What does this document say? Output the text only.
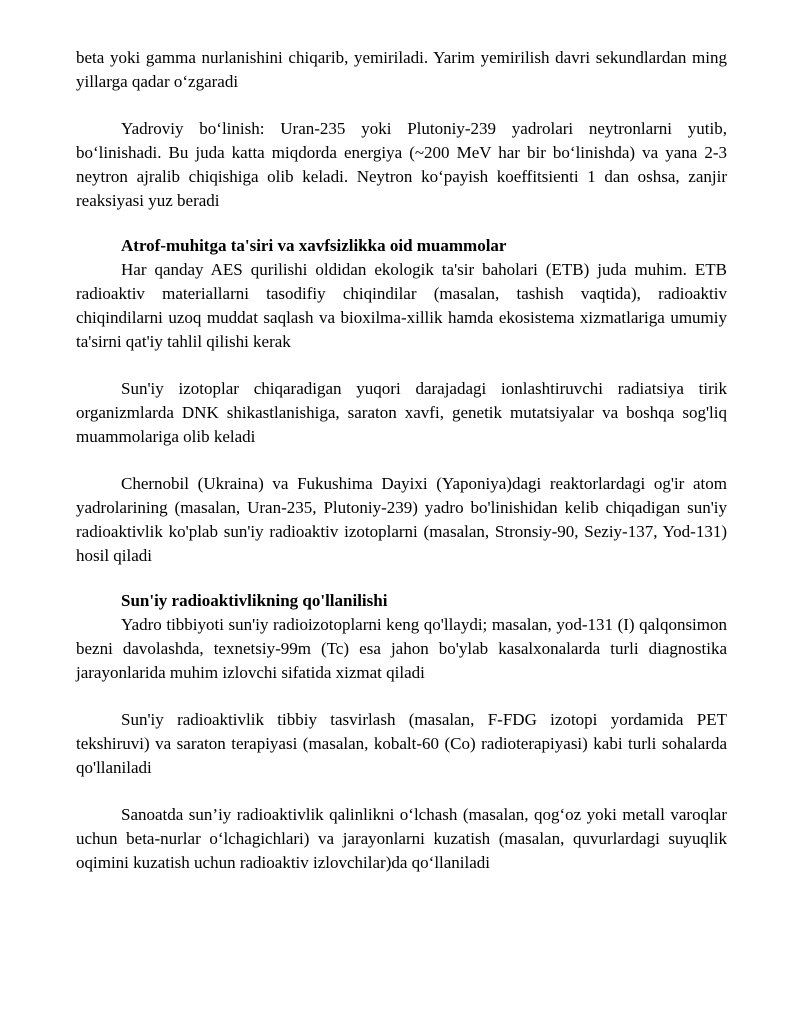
beta yoki gamma nurlanishini chiqarib, yemiriladi. Yarim yemirilish davri sekundlardan ming yillarga qadar o‘zgaradi

Yadroviy bo‘linish: Uran-235 yoki Plutoniy-239 yadrolari neytronlarni yutib, bo‘linishadi. Bu juda katta miqdorda energiya (~200 MeV har bir bo‘linishda) va yana 2-3 neytron ajralib chiqishiga olib keladi. Neytron ko‘payish koeffitsienti 1 dan oshsa, zanjir reaksiyasi yuz beradi

Atrof-muhitga ta'siri va xavfsizlikka oid muammolar

Har qanday AES qurilishi oldidan ekologik ta'sir baholari (ETB) juda muhim. ETB radioaktiv materiallarni tasodifiy chiqindilar (masalan, tashish vaqtida), radioaktiv chiqindilarni uzoq muddat saqlash va bioxilma-xillik hamda ekosistema xizmatlariga umumiy ta'sirni qat'iy tahlil qilishi kerak

Sun'iy izotoplar chiqaradigan yuqori darajadagi ionlashtiruvchi radiatsiya tirik organizmlarda DNK shikastlanishiga, saraton xavfi, genetik mutatsiyalar va boshqa sog'liq muammolariga olib keladi

Chernobil (Ukraina) va Fukushima Dayixi (Yaponiya)dagi reaktorlardagi og'ir atom yadrolarining (masalan, Uran-235, Plutoniy-239) yadro bo'linishidan kelib chiqadigan sun'iy radioaktivlik ko'plab sun'iy radioaktiv izotoplarni (masalan, Stronsiy-90, Seziy-137, Yod-131) hosil qiladi

Sun'iy radioaktivlikning qo'llanilishi

Yadro tibbiyoti sun'iy radioizotoplarni keng qo'llaydi; masalan, yod-131 (I) qalqonsimon bezni davolashda, texnetsiy-99m (Tc) esa jahon bo'ylab kasalxonalarda turli diagnostika jarayonlarida muhim izlovchi sifatida xizmat qiladi

Sun'iy radioaktivlik tibbiy tasvirlash (masalan, F-FDG izotopi yordamida PET tekshiruvi) va saraton terapiyasi (masalan, kobalt-60 (Co) radioterapiyasi) kabi turli sohalarda qo'llaniladi

Sanoatda sun’iy radioaktivlik qalinlikni o‘lchash (masalan, qog‘oz yoki metall varoqlar uchun beta-nurlar o‘lchagichlari) va jarayonlarni kuzatish (masalan, quvurlardagi suyuqlik oqimini kuzatish uchun radioaktiv izlovchilar)da qo‘llaniladi
